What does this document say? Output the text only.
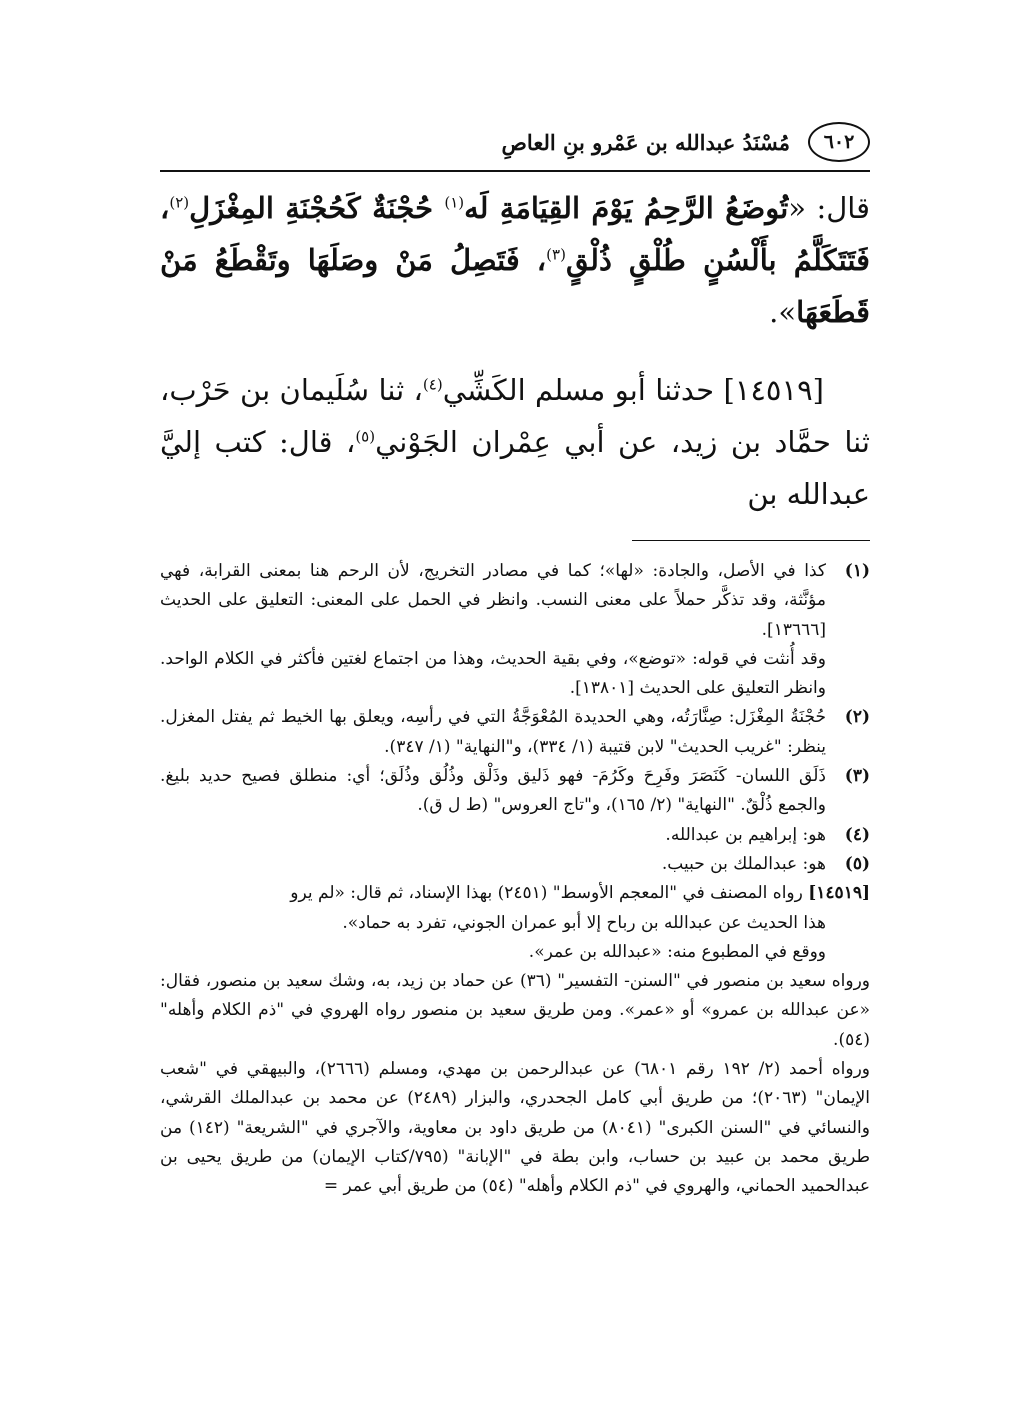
٦٠٢
مُسْنَدُ عبدالله بن عَمْرو بنِ العاصِ

قال: «تُوضَعُ الرَّحِمُ يَوْمَ القِيَامَةِ لَه$^{(١)}$ حُجْنَةٌ كَحُجْنَةِ المِغْزَلِ$^{(٢)}$، فَتَتَكَلَّمُ بأَلْسُنٍ طُلْقٍ ذُلْقٍ$^{(٣)}$، فَتَصِلُ مَنْ وصَلَهَا وتَقْطَعُ مَنْ قَطَعَهَا».

[١٤٥١٩] حدثنا أبو مسلم الكَشِّي$^{(٤)}$، ثنا سُلَيمان بن حَرْب، ثنا حمَّاد بن زيد، عن أبي عِمْران الجَوْني$^{(٥)}$، قال: كتب إليَّ عبدالله بن

(١)

كذا في الأصل، والجادة: «لها»؛ كما في مصادر التخريج، لأن الرحم هنا بمعنى القرابة، فهي مؤنَّثة، وقد تذكَّر حملاً على معنى النسب. وانظر في الحمل على المعنى: التعليق على الحديث [١٣٦٦٦].

وقد أُنثت في قوله: «توضع»، وفي بقية الحديث، وهذا من اجتماع لغتين فأكثر في الكلام الواحد. وانظر التعليق على الحديث [١٣٨٠١].

(٢)

حُجْنَةُ المِغْزَل: صِنَّارَتُه، وهي الحديدة المُعْوَجَّةُ التي في رأسِه، ويعلق بها الخيط ثم يفتل المغزل. ينظر: "غريب الحديث" لابن قتيبة (١/ ٣٣٤)، و"النهاية" (١/ ٣٤٧).

(٣)

ذَلَق اللسان- كَنَصَرَ وفَرِحَ وكَرُمَ- فهو ذَليق وذَلْق وذُلُق وذُلَق؛ أي: منطلق فصيح حديد بليغ. والجمع ذُلْقٌ. "النهاية" (٢/ ١٦٥)، و"تاج العروس" (ط ل ق).

(٤)

هو: إبراهيم بن عبدالله.

(٥)

هو: عبدالملك بن حبيب.

[١٤٥١٩] رواه المصنف في "المعجم الأوسط" (٢٤٥١) بهذا الإسناد، ثم قال: «لم يرو

هذا الحديث عن عبدالله بن رباح إلا أبو عمران الجوني، تفرد به حماد».

ووقع في المطبوع منه: «عبدالله بن عمر».

ورواه سعيد بن منصور في "السنن- التفسير" (٣٦) عن حماد بن زيد، به، وشك سعيد بن منصور، فقال: «عن عبدالله بن عمرو» أو «عمر». ومن طريق سعيد بن منصور رواه الهروي في "ذم الكلام وأهله" (٥٤).

ورواه أحمد (٢/ ١٩٢ رقم ٦٨٠١) عن عبدالرحمن بن مهدي، ومسلم (٢٦٦٦)، والبيهقي في "شعب الإيمان" (٢٠٦٣)؛ من طريق أبي كامل الجحدري، والبزار (٢٤٨٩) عن محمد بن عبدالملك القرشي، والنسائي في "السنن الكبرى" (٨٠٤١) من طريق داود بن معاوية، والآجري في "الشريعة" (١٤٢) من طريق محمد بن عبيد بن حساب، وابن بطة في "الإبانة" (٧٩٥/كتاب الإيمان) من طريق يحيى بن عبدالحميد الحماني، والهروي في "ذم الكلام وأهله" (٥٤) من طريق أبي عمر =
